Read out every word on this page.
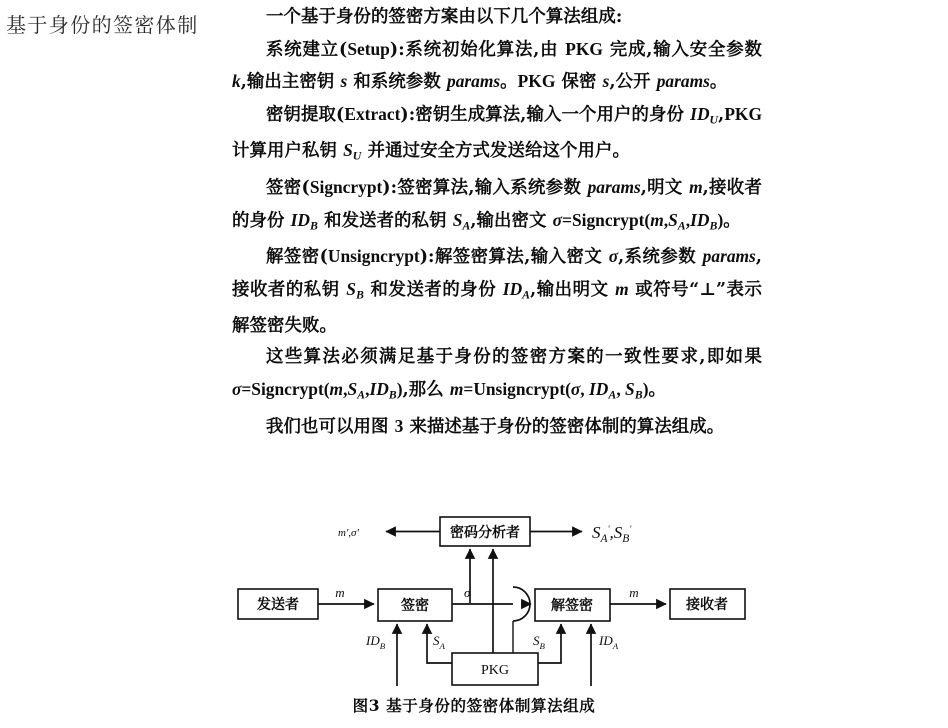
基于身份的签密体制	一个基于身份的签密方案由以下几个算法组成:
系统建立(Setup):系统初始化算法,由 PKG 完成,输入安全参数 k,输出主密钥 s 和系统参数 params。PKG 保密 s,公开 params。
密钥提取(Extract):密钥生成算法,输入一个用户的身份 $ID_U,PKG$ 计算用户私钥 $S_U$ 并通过安全方式发送给这个用户。
签密(Signcrypt):签密算法,输入系统参数 params,明文 m,接收者的身份 $ID_B$ 和发送者的私钥 $S_A$,输出密文 $\sigma=Signcrypt(m,S_A,ID_B)$。
解签密(Unsigncrypt):解签密算法,输入密文 σ,系统参数 params,接收者的私钥 $S_B$ 和发送者的身份 $ID_A$,输出明文 m 或符号“⊥”表示解签密失败。
这些算法必须满足基于身份的签密方案的一致性要求,即如果 $\sigma=Signcrypt(m,S_A,ID_B)$,那么 m=Unsigncrypt(σ, $ID_A$, $S_B$)。
我们也可以用图 3 来描述基于身份的签密体制的算法组成。
密码分析者
m',σ'	$S_A',S_B'$
发送者
m
签密
σ
解签密
m
接收者
PKG
$ID_B$	$S_A$	$S_B$	$ID_A$
图3 基于身份的签密体制算法组成
